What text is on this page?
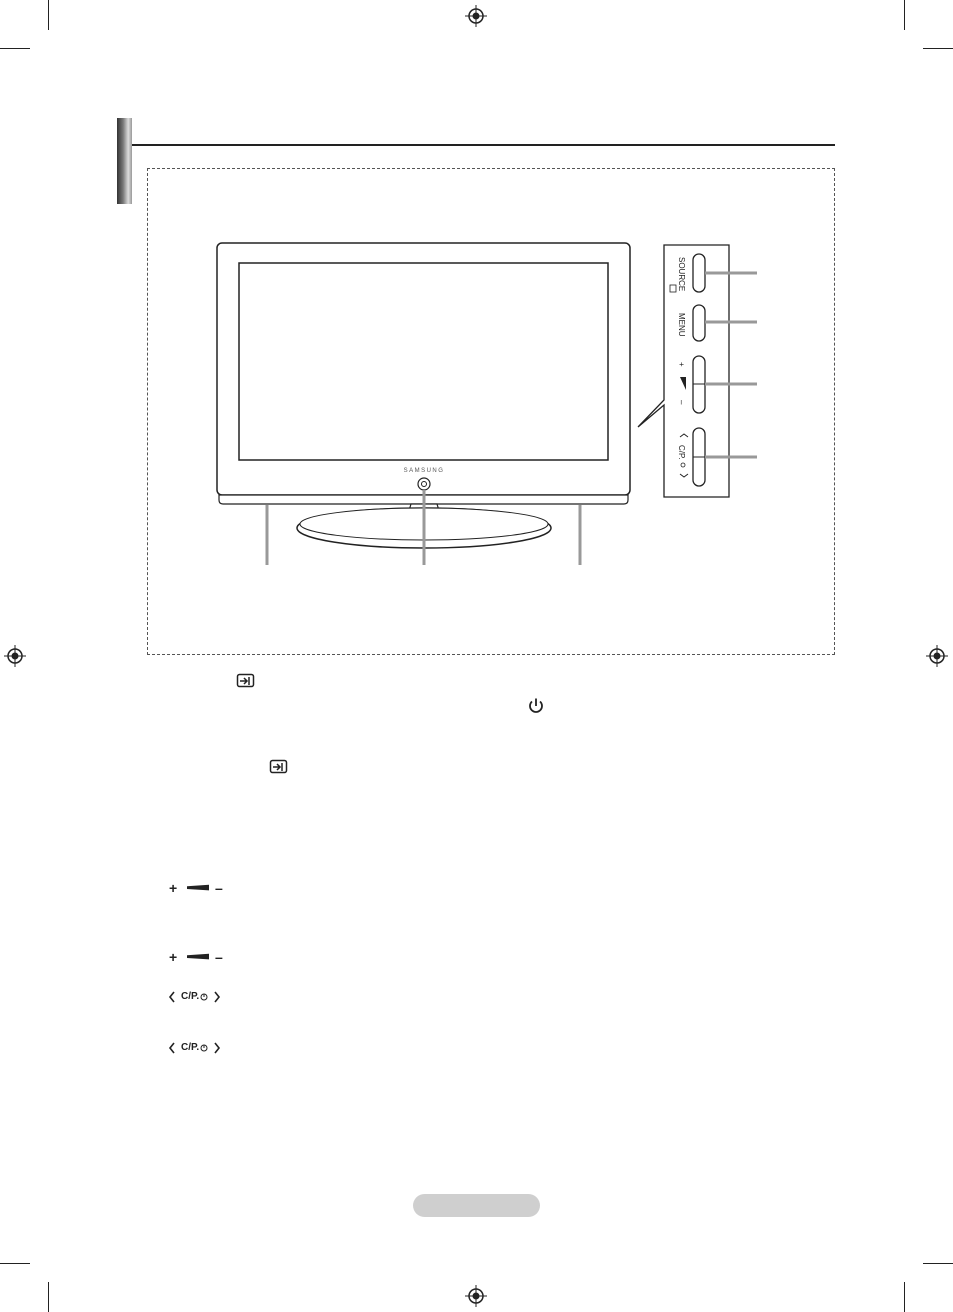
SAMSUNG
SOURCE
MENU
+
–
C/P.
+	–
+	–
C/P.
C/P.
